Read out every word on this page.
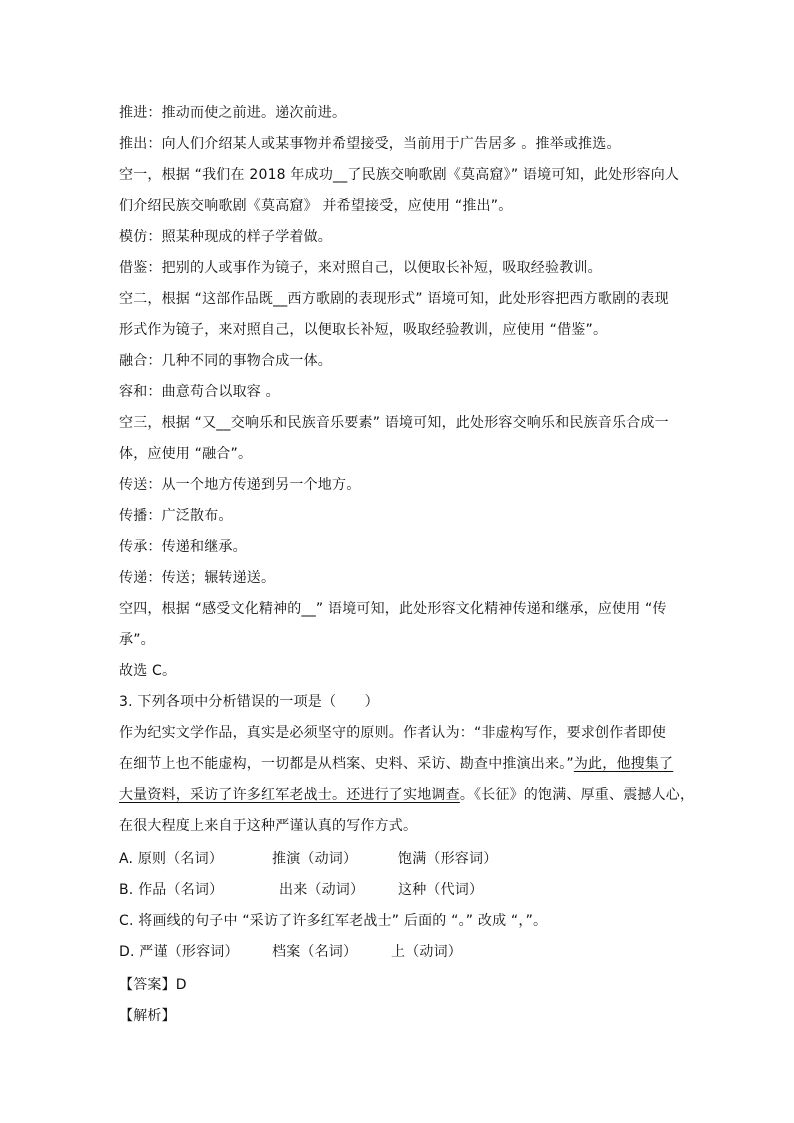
推进：推动而使之前进。递次前进。
推出：向人们介绍某人或某事物并希望接受，当前用于广告居多 。推举或推选。
空一，根据 “我们在 2018 年成功__了民族交响歌剧《莫高窟》” 语境可知，此处形容向人
们介绍民族交响歌剧《莫高窟》 并希望接受，应使用 “推出”。
模仿：照某种现成的样子学着做。
借鉴：把别的人或事作为镜子，来对照自己，以便取长补短，吸取经验教训。
空二，根据 “这部作品既__西方歌剧的表现形式” 语境可知，此处形容把西方歌剧的表现
形式作为镜子，来对照自己，以便取长补短，吸取经验教训，应使用 “借鉴”。
融合：几种不同的事物合成一体。
容和：曲意苟合以取容 。
空三，根据 “又__交响乐和民族音乐要素” 语境可知，此处形容交响乐和民族音乐合成一
体，应使用 “融合”。
传送：从一个地方传递到另一个地方。
传播：广泛散布。
传承：传递和继承。
传递：传送；辗转递送。
空四，根据 “感受文化精神的__” 语境可知，此处形容文化精神传递和继承，应使用 “传
承”。
故选 C。
3. 下列各项中分析错误的一项是（　　）
作为纪实文学作品，真实是必须坚守的原则。作者认为：“非虚构写作，要求创作者即使
在细节上也不能虚构，一切都是从档案、史料、采访、勘查中推演出来。”为此，他搜集了
大量资料，采访了许多红军老战士。还进行了实地调查。《长征》的饱满、厚重、震撼人心，
在很大程度上来自于这种严谨认真的写作方式。
A. 原则（名词）	推演（动词）	饱满（形容词）
B. 作品（名词）	出来（动词） 这种（代词）
C. 将画线的句子中 “采访了许多红军老战士” 后面的 “。” 改成 “，”。
D. 严谨（形容词） 档案（名词） 上（动词）
【答案】D
【解析】
